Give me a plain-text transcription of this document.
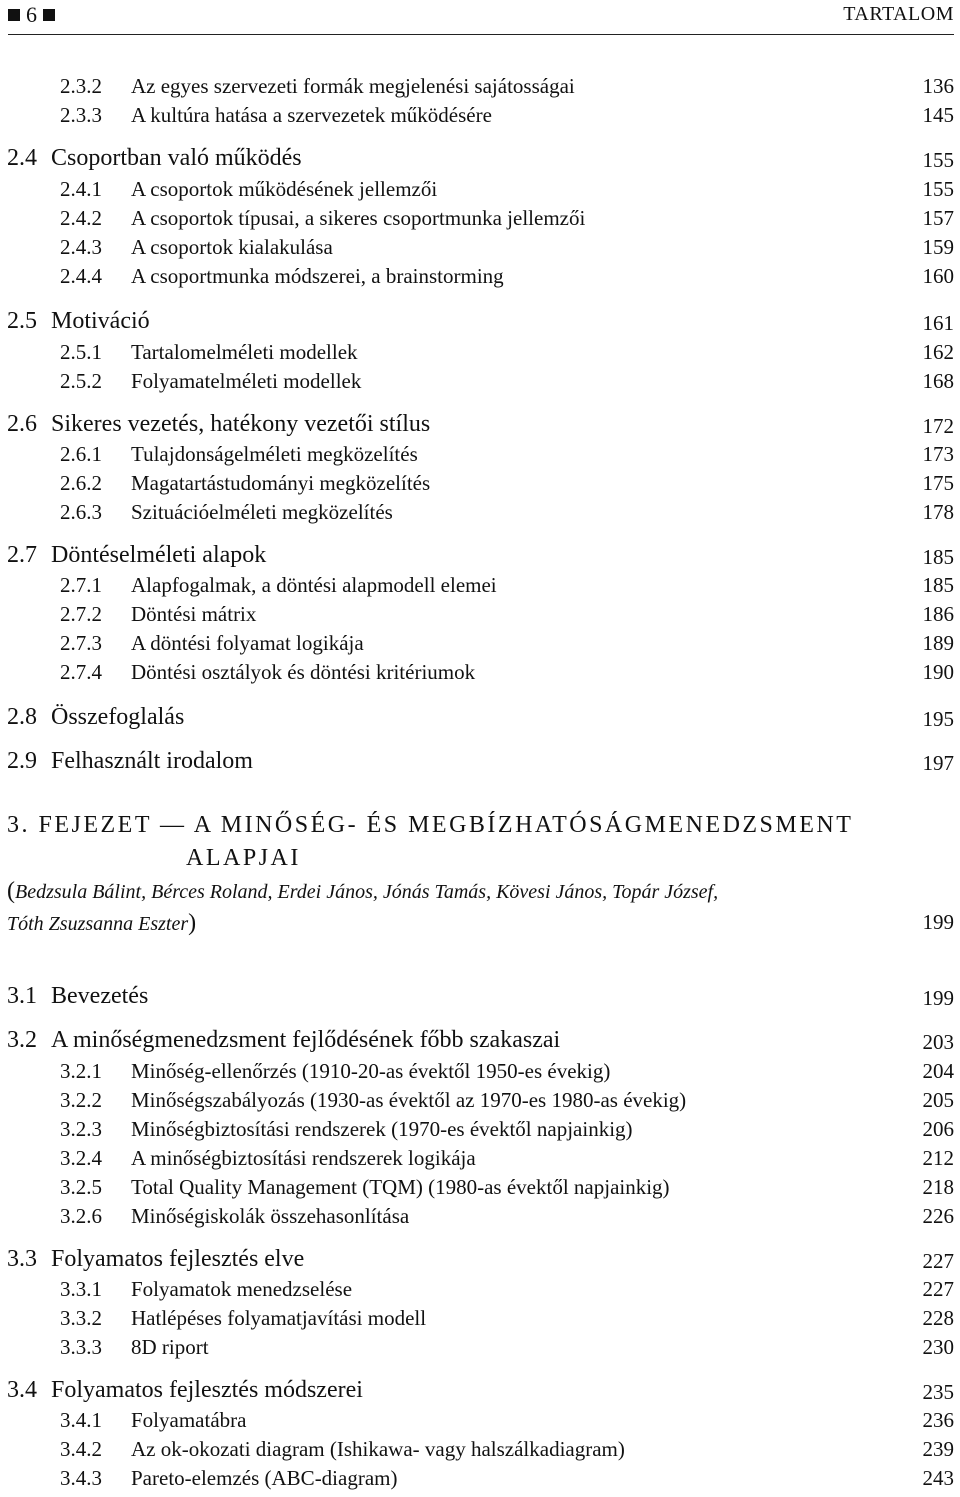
6	TARTALOM
2.3.2 Az egyes szervezeti formák megjelenési sajátosságai	136
2.3.3 A kultúra hatása a szervezetek működésére	145
2.4 Csoportban való működés	155
2.4.1 A csoportok működésének jellemzői	155
2.4.2 A csoportok típusai, a sikeres csoportmunka jellemzői	157
2.4.3 A csoportok kialakulása	159
2.4.4 A csoportmunka módszerei, a brainstorming	160
2.5 Motiváció	161
2.5.1 Tartalomelméleti modellek	162
2.5.2 Folyamatelméleti modellek	168
2.6 Sikeres vezetés, hatékony vezetői stílus	172
2.6.1 Tulajdonságelméleti megközelítés	173
2.6.2 Magatartástudományi megközelítés	175
2.6.3 Szituációelméleti megközelítés	178
2.7 Döntéselméleti alapok	185
2.7.1 Alapfogalmak, a döntési alapmodell elemei	185
2.7.2 Döntési mátrix	186
2.7.3 A döntési folyamat logikája	189
2.7.4 Döntési osztályok és döntési kritériumok	190
2.8 Összefoglalás	195
2.9 Felhasznált irodalom	197
3. FEJEZET — A MINŐSÉG- ÉS MEGBÍZHATÓSÁGMENEDZSMENT
ALAPJAI
(Bedzsula Bálint, Bérces Roland, Erdei János, Jónás Tamás, Kövesi János, Topár József,
Tóth Zsuzsanna Eszter)	199
3.1 Bevezetés	199
3.2 A minőségmenedzsment fejlődésének főbb szakaszai	203
3.2.1 Minőség-ellenőrzés (1910-20-as évektől 1950-es évekig)	204
3.2.2 Minőségszabályozás (1930-as évektől az 1970-es 1980-as évekig)	205
3.2.3 Minőségbiztosítási rendszerek (1970-es évektől napjainkig)	206
3.2.4 A minőségbiztosítási rendszerek logikája	212
3.2.5 Total Quality Management (TQM) (1980-as évektől napjainkig)	218
3.2.6 Minőségiskolák összehasonlítása	226
3.3 Folyamatos fejlesztés elve	227
3.3.1 Folyamatok menedzselése	227
3.3.2 Hatlépéses folyamatjavítási modell	228
3.3.3 8D riport	230
3.4 Folyamatos fejlesztés módszerei	235
3.4.1 Folyamatábra	236
3.4.2 Az ok-okozati diagram (Ishikawa- vagy halszálkadiagram)	239
3.4.3 Pareto-elemzés (ABC-diagram)	243
